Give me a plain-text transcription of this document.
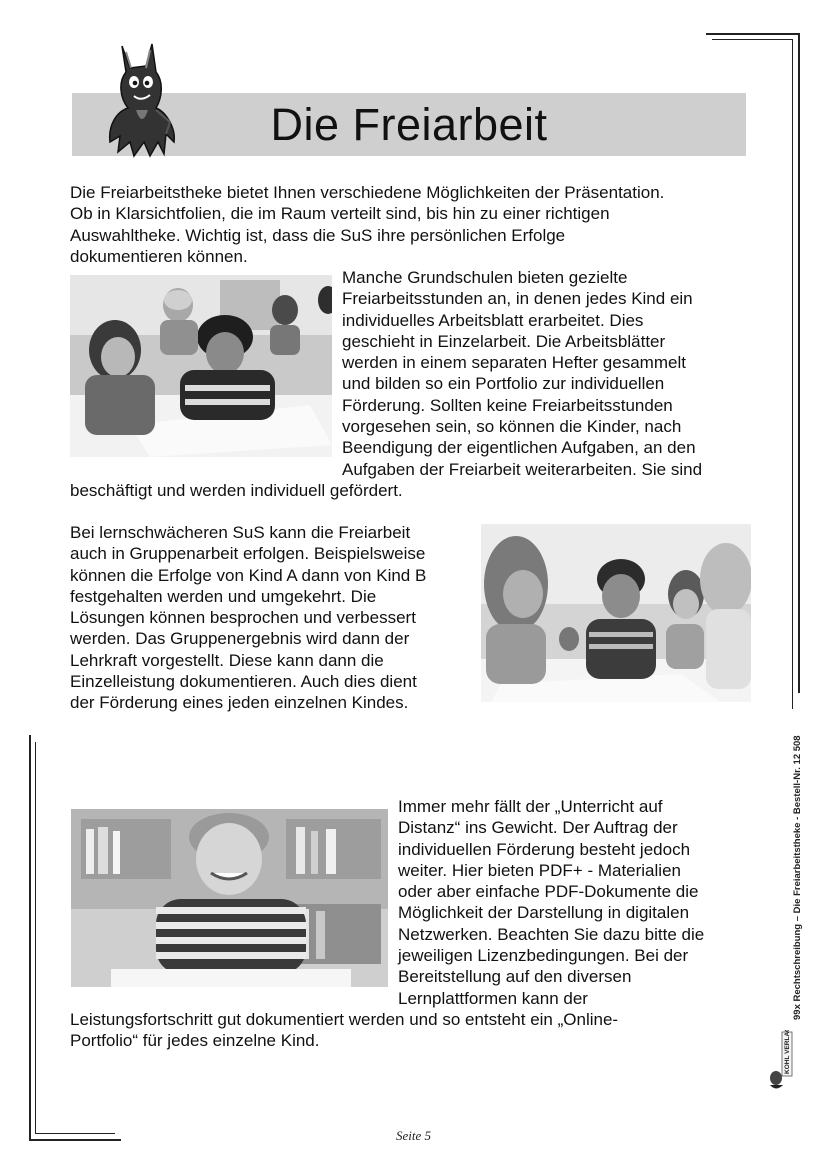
Die Freiarbeit
Die Freiarbeitstheke bietet Ihnen verschiedene Möglichkeiten der Präsentation.
Ob in Klarsichtfolien, die im Raum verteilt sind, bis hin zu einer richtigen
Auswahltheke. Wichtig ist, dass die SuS ihre persönlichen Erfolge
dokumentieren können.
Manche Grundschulen bieten gezielte
Freiarbeitsstunden an, in denen jedes Kind ein
individuelles Arbeitsblatt erarbeitet. Dies
geschieht in Einzelarbeit. Die Arbeitsblätter
werden in einem separaten Hefter gesammelt
und bilden so ein Portfolio zur individuellen
Förderung. Sollten keine Freiarbeitsstunden
vorgesehen sein, so können die Kinder, nach
Beendigung der eigentlichen Aufgaben, an den
Aufgaben der Freiarbeit weiterarbeiten. Sie sind
beschäftigt und werden individuell gefördert.
Bei lernschwächeren SuS kann die Freiarbeit
auch in Gruppenarbeit erfolgen. Beispielsweise
können die Erfolge von Kind A dann von Kind B
festgehalten werden und umgekehrt. Die
Lösungen können besprochen und verbessert
werden. Das Gruppenergebnis wird dann der
Lehrkraft vorgestellt. Diese kann dann die
Einzelleistung dokumentieren. Auch dies dient
der Förderung eines jeden einzelnen Kindes.
Immer mehr fällt der „Unterricht auf
Distanz“ ins Gewicht. Der Auftrag der
individuellen Förderung besteht jedoch
weiter. Hier bieten PDF+ - Materialien
oder aber einfache PDF-Dokumente die
Möglichkeit der Darstellung in digitalen
Netzwerken. Beachten Sie dazu bitte die
jeweiligen Lizenzbedingungen. Bei der
Bereitstellung auf den diversen
Lernplattformen kann der
Leistungsfortschritt gut dokumentiert werden und so entsteht ein „Online-
Portfolio“ für jedes einzelne Kind.
99x Rechtschreibung – Die Freiarbeitstheke - Bestell-Nr. 12 508
KOHL VERLAG
Seite 5
